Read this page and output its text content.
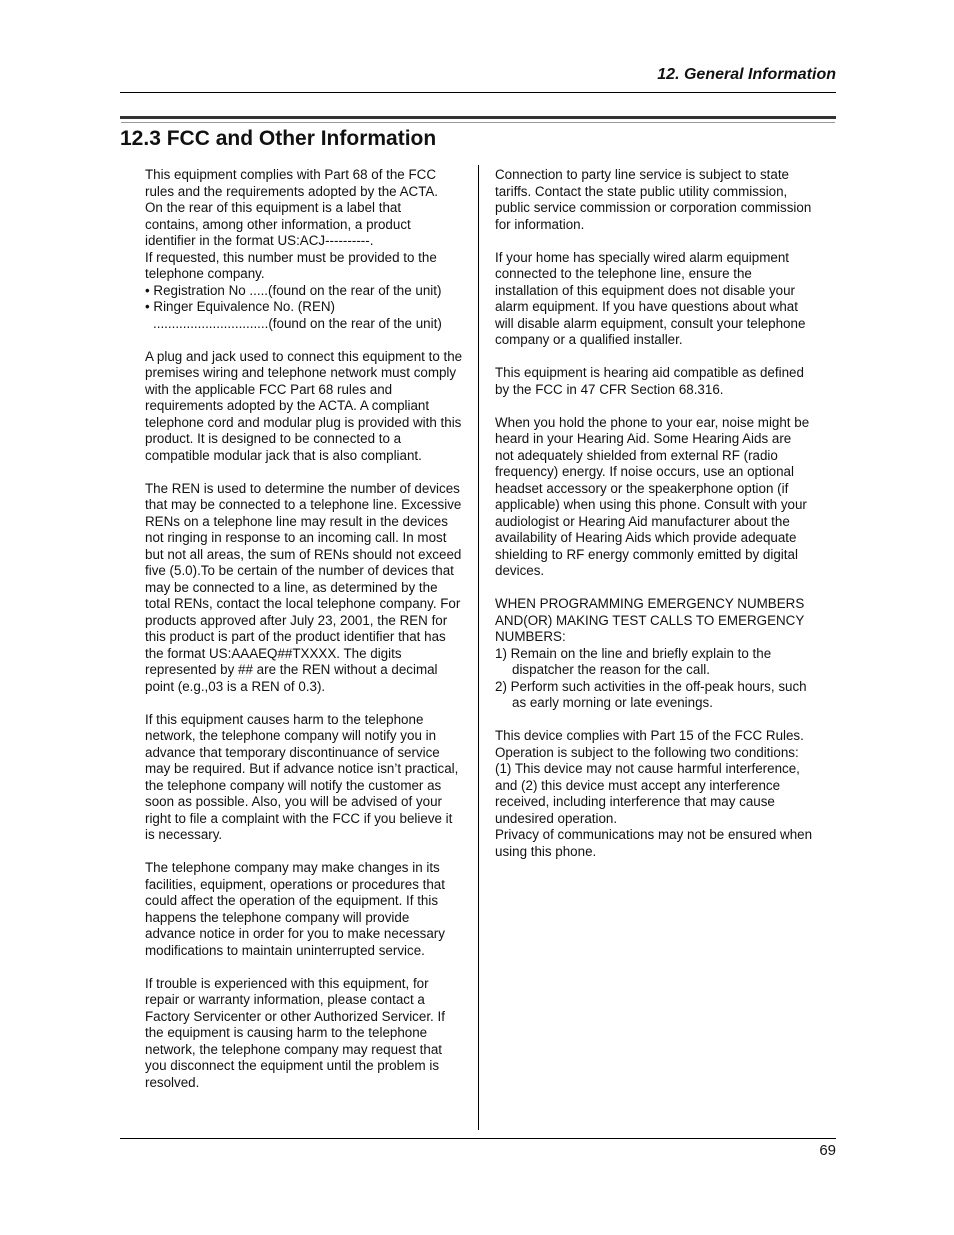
12. General Information
12.3 FCC and Other Information

This equipment complies with Part 68 of the FCC
rules and the requirements adopted by the ACTA.
On the rear of this equipment is a label that
contains, among other information, a product
identifier in the format US:ACJ----------.
If requested, this number must be provided to the
telephone company.
• Registration No .....(found on the rear of the unit)
• Ringer Equivalence No. (REN)
...............................(found on the rear of the unit)

A plug and jack used to connect this equipment to the premises wiring and telephone network must comply with the applicable FCC Part 68 rules and requirements adopted by the ACTA. A compliant telephone cord and modular plug is provided with this product. It is designed to be connected to a compatible modular jack that is also compliant.

The REN is used to determine the number of devices that may be connected to a telephone line. Excessive RENs on a telephone line may result in the devices not ringing in response to an incoming call. In most but not all areas, the sum of RENs should not exceed five (5.0).To be certain of the number of devices that may be connected to a line, as determined by the total RENs, contact the local telephone company. For products approved after July 23, 2001, the REN for this product is part of the product identifier that has the format US:AAAEQ##TXXXX. The digits represented by ## are the REN without a decimal point (e.g.,03 is a REN of 0.3).

If this equipment causes harm to the telephone network, the telephone company will notify you in advance that temporary discontinuance of service may be required. But if advance notice isn’t practical, the telephone company will notify the customer as soon as possible. Also, you will be advised of your right to file a complaint with the FCC if you believe it is necessary.

The telephone company may make changes in its facilities, equipment, operations or procedures that could affect the operation of the equipment. If this happens the telephone company will provide advance notice in order for you to make necessary modifications to maintain uninterrupted service.

If trouble is experienced with this equipment, for repair or warranty information, please contact a Factory Servicenter or other Authorized Servicer. If the equipment is causing harm to the telephone network, the telephone company may request that you disconnect the equipment until the problem is resolved.

Connection to party line service is subject to state tariffs. Contact the state public utility commission, public service commission or corporation commission for information.

If your home has specially wired alarm equipment connected to the telephone line, ensure the installation of this equipment does not disable your alarm equipment. If you have questions about what will disable alarm equipment, consult your telephone company or a qualified installer.

This equipment is hearing aid compatible as defined by the FCC in 47 CFR Section 68.316.

When you hold the phone to your ear, noise might be heard in your Hearing Aid. Some Hearing Aids are not adequately shielded from external RF (radio frequency) energy. If noise occurs, use an optional headset accessory or the speakerphone option (if applicable) when using this phone. Consult with your audiologist or Hearing Aid manufacturer about the availability of Hearing Aids which provide adequate shielding to RF energy commonly emitted by digital devices.

WHEN PROGRAMMING EMERGENCY NUMBERS AND(OR) MAKING TEST CALLS TO EMERGENCY NUMBERS:
1) Remain on the line and briefly explain to the dispatcher the reason for the call.
2) Perform such activities in the off-peak hours, such as early morning or late evenings.

This device complies with Part 15 of the FCC Rules. Operation is subject to the following two conditions:
(1) This device may not cause harmful interference, and (2) this device must accept any interference received, including interference that may cause undesired operation.
Privacy of communications may not be ensured when using this phone.

69
